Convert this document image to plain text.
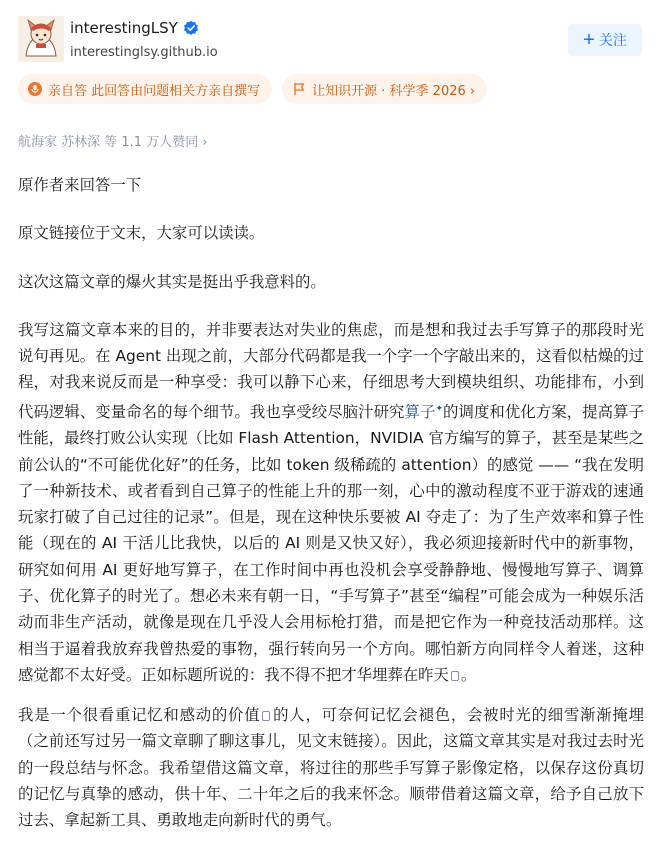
interestingLSY
interestinglsy.github.io
+ 关注
亲自答 此回答由问题相关方亲自撰写	让知识开源 · 科学季 2026 ›
航海家 苏林深 等 1.1 万人赞同 ›

原作者来回答一下

原文链接位于文末，大家可以读读。

这次这篇文章的爆火其实是挺出乎我意料的。

我写这篇文章本来的目的，并非要表达对失业的焦虑，而是想和我过去手写算子的那段时光说句再见。在 Agent 出现之前，大部分代码都是我一个字一个字敲出来的，这看似枯燥的过程，对我来说反而是一种享受：我可以静下心来，仔细思考大到模块组织、功能排布，小到代码逻辑、变量命名的每个细节。我也享受绞尽脑汁研究算子✦的调度和优化方案，提高算子性能，最终打败公认实现（比如 Flash Attention，NVIDIA 官方编写的算子，甚至是某些之前公认的“不可能优化好”的任务，比如 token 级稀疏的 attention）的感觉 —— “我在发明了一种新技术、或者看到自己算子的性能上升的那一刻，心中的激动程度不亚于游戏的速通玩家打破了自己过往的记录”。但是，现在这种快乐要被 AI 夺走了：为了生产效率和算子性能（现在的 AI 干活儿比我快，以后的 AI 则是又快又好），我必须迎接新时代中的新事物，研究如何用 AI 更好地写算子，在工作时间中再也没机会享受静静地、慢慢地写算子、调算子、优化算子的时光了。想必未来有朝一日，“手写算子”甚至“编程”可能会成为一种娱乐活动而非生产活动，就像是现在几乎没人会用标枪打猎，而是把它作为一种竞技活动那样。这相当于逼着我放弃我曾热爱的事物，强行转向另一个方向。哪怕新方向同样令人着迷，这种感觉都不太好受。正如标题所说的：我不得不把才华埋葬在昨天 。

我是一个很看重记忆和感动的价值 的人，可奈何记忆会褪色，会被时光的细雪渐渐掩埋（之前还写过另一篇文章聊了聊这事儿，见文末链接）。因此，这篇文章其实是对我过去时光的一段总结与怀念。我希望借这篇文章，将过往的那些手写算子影像定格，以保存这份真切的记忆与真挚的感动，供十年、二十年之后的我来怀念。顺带借着这篇文章，给予自己放下过去、拿起新工具、勇敢地走向新时代的勇气。
